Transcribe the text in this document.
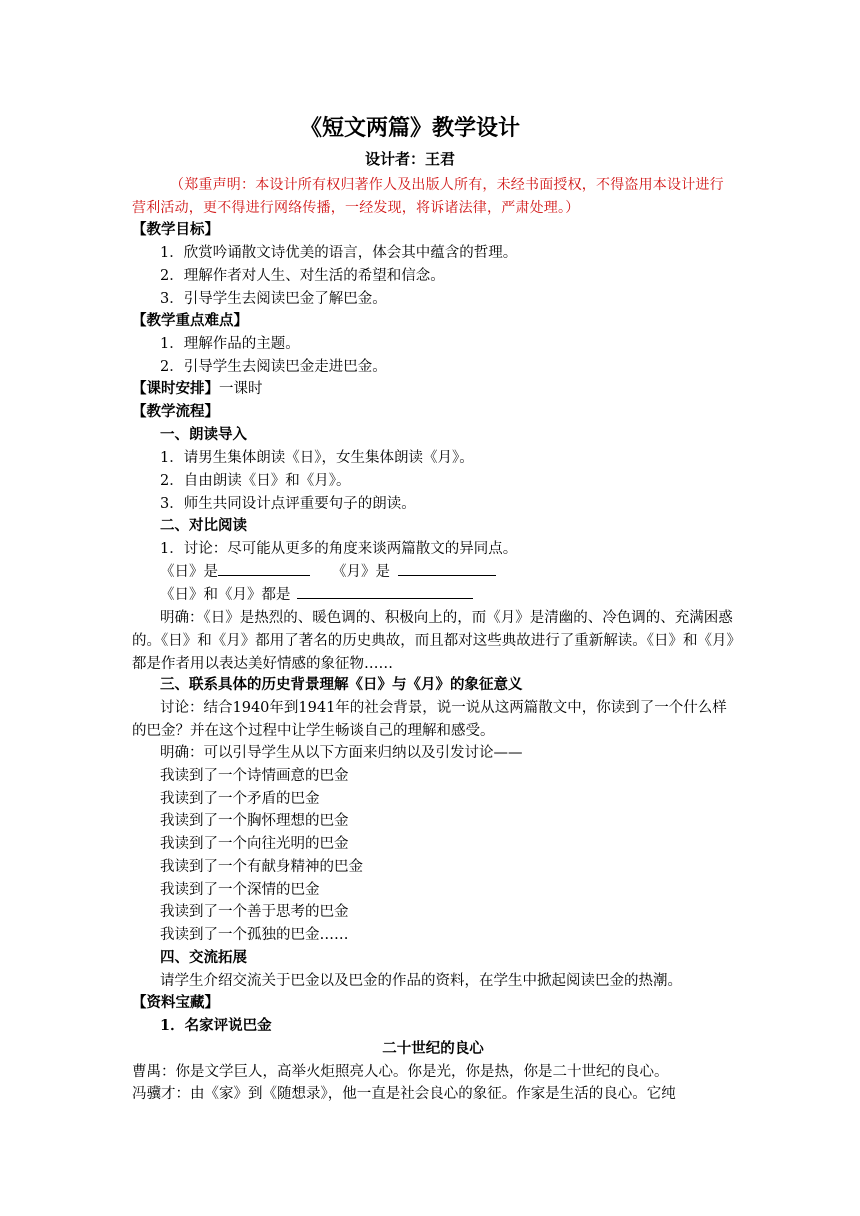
《短文两篇》教学设计
设计者：王君
（郑重声明：本设计所有权归著作人及出版人所有，未经书面授权，不得盗用本设计进行营利活动，更不得进行网络传播，一经发现，将诉诸法律，严肃处理。）
【教学目标】
1．欣赏吟诵散文诗优美的语言，体会其中蕴含的哲理。
2．理解作者对人生、对生活的希望和信念。
3．引导学生去阅读巴金了解巴金。
【教学重点难点】
1．理解作品的主题。
2．引导学生去阅读巴金走进巴金。
【课时安排】一课时
【教学流程】
一、朗读导入
1．请男生集体朗读《日》，女生集体朗读《月》。
2．自由朗读《日》和《月》。
3．师生共同设计点评重要句子的朗读。
二、对比阅读
1．讨论：尽可能从更多的角度来谈两篇散文的异同点。
《日》是	《月》是
《日》和《月》都是
明确：《日》是热烈的、暖色调的、积极向上的，而《月》是清幽的、冷色调的、充满困惑的。《日》和《月》都用了著名的历史典故，而且都对这些典故进行了重新解读。《日》和《月》都是作者用以表达美好情感的象征物……
三、联系具体的历史背景理解《日》与《月》的象征意义
讨论：结合1940年到1941年的社会背景，说一说从这两篇散文中，你读到了一个什么样的巴金？并在这个过程中让学生畅谈自己的理解和感受。
明确：可以引导学生从以下方面来归纳以及引发讨论——
我读到了一个诗情画意的巴金
我读到了一个矛盾的巴金
我读到了一个胸怀理想的巴金
我读到了一个向往光明的巴金
我读到了一个有献身精神的巴金
我读到了一个深情的巴金
我读到了一个善于思考的巴金
我读到了一个孤独的巴金……
四、交流拓展
请学生介绍交流关于巴金以及巴金的作品的资料，在学生中掀起阅读巴金的热潮。
【资料宝藏】
1．名家评说巴金
二十世纪的良心
曹禺：你是文学巨人，高举火炬照亮人心。你是光，你是热，你是二十世纪的良心。
冯骥才：由《家》到《随想录》，他一直是社会良心的象征。作家是生活的良心。它纯
